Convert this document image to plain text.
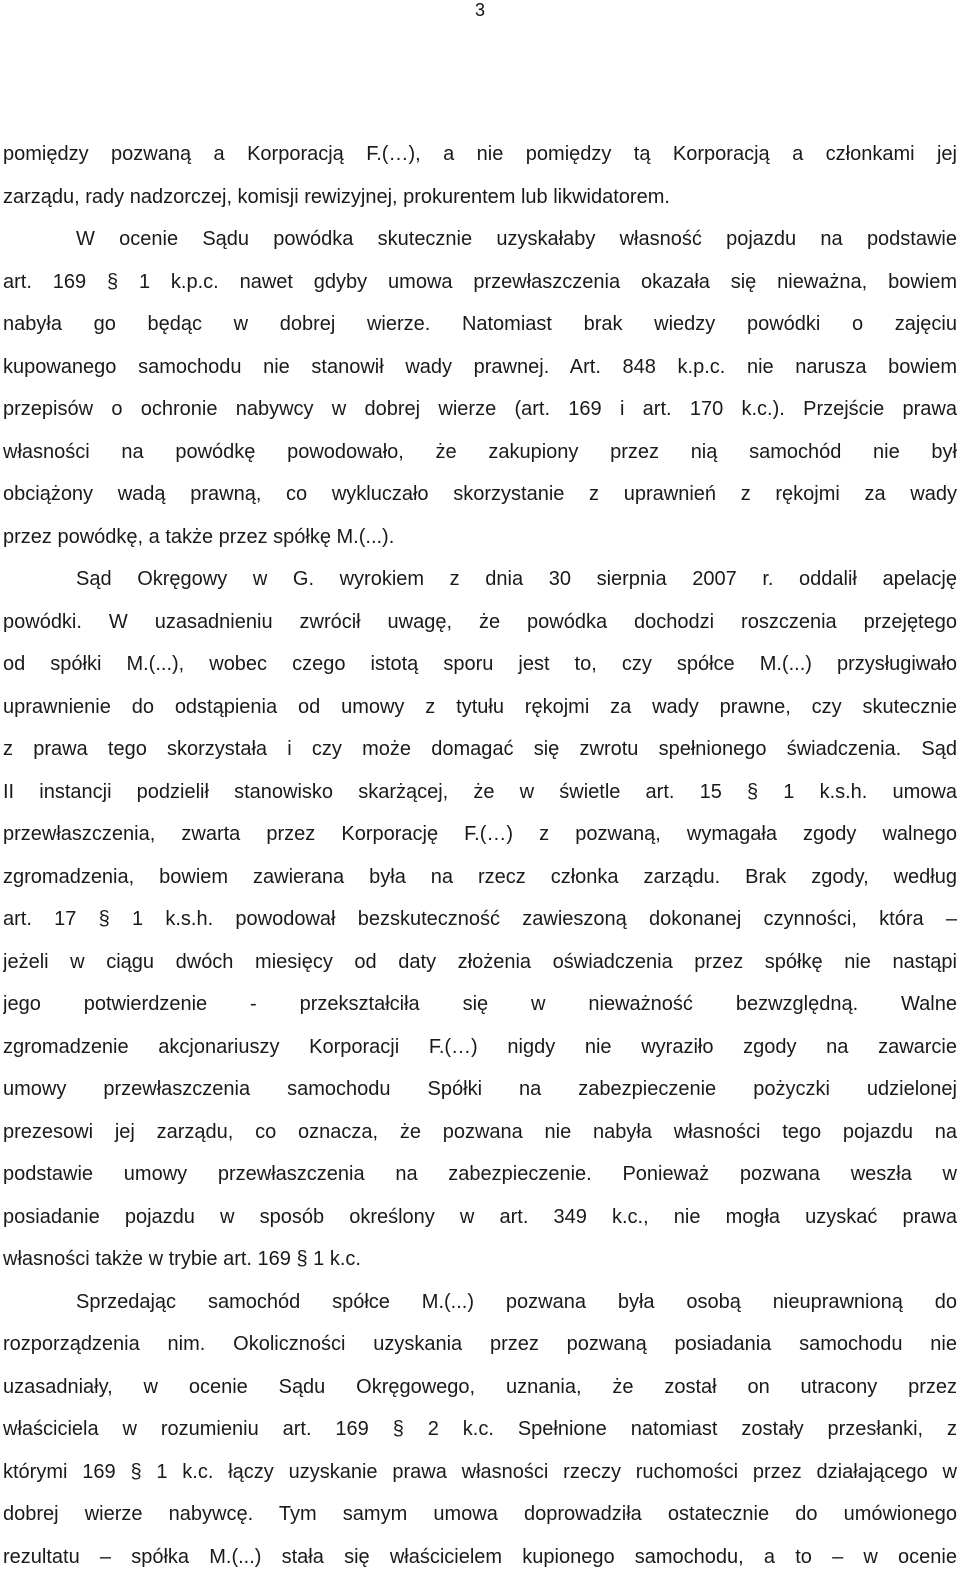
3
pomiędzy pozwaną a Korporacją F.(…), a nie pomiędzy tą Korporacją a członkami jej
zarządu, rady nadzorczej, komisji rewizyjnej, prokurentem lub likwidatorem.
W ocenie Sądu powódka skutecznie uzyskałaby własność pojazdu na podstawie
art. 169 § 1 k.p.c. nawet gdyby umowa przewłaszczenia okazała się nieważna, bowiem
nabyła go będąc w dobrej wierze. Natomiast brak wiedzy powódki o zajęciu
kupowanego samochodu nie stanowił wady prawnej. Art. 848 k.p.c. nie narusza bowiem
przepisów o ochronie nabywcy w dobrej wierze (art. 169 i art. 170 k.c.). Przejście prawa
własności na powódkę powodowało, że zakupiony przez nią samochód nie był
obciążony wadą prawną, co wykluczało skorzystanie z uprawnień z rękojmi za wady
przez powódkę, a także przez spółkę M.(...).
Sąd Okręgowy w G. wyrokiem z dnia 30 sierpnia 2007 r. oddalił apelację
powódki. W uzasadnieniu zwrócił uwagę, że powódka dochodzi roszczenia przejętego
od spółki M.(...), wobec czego istotą sporu jest to, czy spółce M.(...) przysługiwało
uprawnienie do odstąpienia od umowy z tytułu rękojmi za wady prawne, czy skutecznie
z prawa tego skorzystała i czy może domagać się zwrotu spełnionego świadczenia. Sąd
II instancji podzielił stanowisko skarżącej, że w świetle art. 15 § 1 k.s.h. umowa
przewłaszczenia, zwarta przez Korporację F.(…) z pozwaną, wymagała zgody walnego
zgromadzenia, bowiem zawierana była na rzecz członka zarządu. Brak zgody, według
art. 17 § 1 k.s.h. powodował bezskuteczność zawieszoną dokonanej czynności, która –
jeżeli w ciągu dwóch miesięcy od daty złożenia oświadczenia przez spółkę nie nastąpi
jego potwierdzenie - przekształciła się w nieważność bezwzględną. Walne
zgromadzenie akcjonariuszy Korporacji F.(…) nigdy nie wyraziło zgody na zawarcie
umowy przewłaszczenia samochodu Spółki na zabezpieczenie pożyczki udzielonej
prezesowi jej zarządu, co oznacza, że pozwana nie nabyła własności tego pojazdu na
podstawie umowy przewłaszczenia na zabezpieczenie. Ponieważ pozwana weszła w
posiadanie pojazdu w sposób określony w art. 349 k.c., nie mogła uzyskać prawa
własności także w trybie art. 169 § 1 k.c.
Sprzedając samochód spółce M.(...) pozwana była osobą nieuprawnioną do
rozporządzenia nim. Okoliczności uzyskania przez pozwaną posiadania samochodu nie
uzasadniały, w ocenie Sądu Okręgowego, uznania, że został on utracony przez
właściciela w rozumieniu art. 169 § 2 k.c. Spełnione natomiast zostały przesłanki, z
którymi 169 § 1 k.c. łączy uzyskanie prawa własności rzeczy ruchomości przez działającego w
dobrej wierze nabywcę. Tym samym umowa doprowadziła ostatecznie do umówionego
rezultatu – spółka M.(...) stała się właścicielem kupionego samochodu, a to – w ocenie
